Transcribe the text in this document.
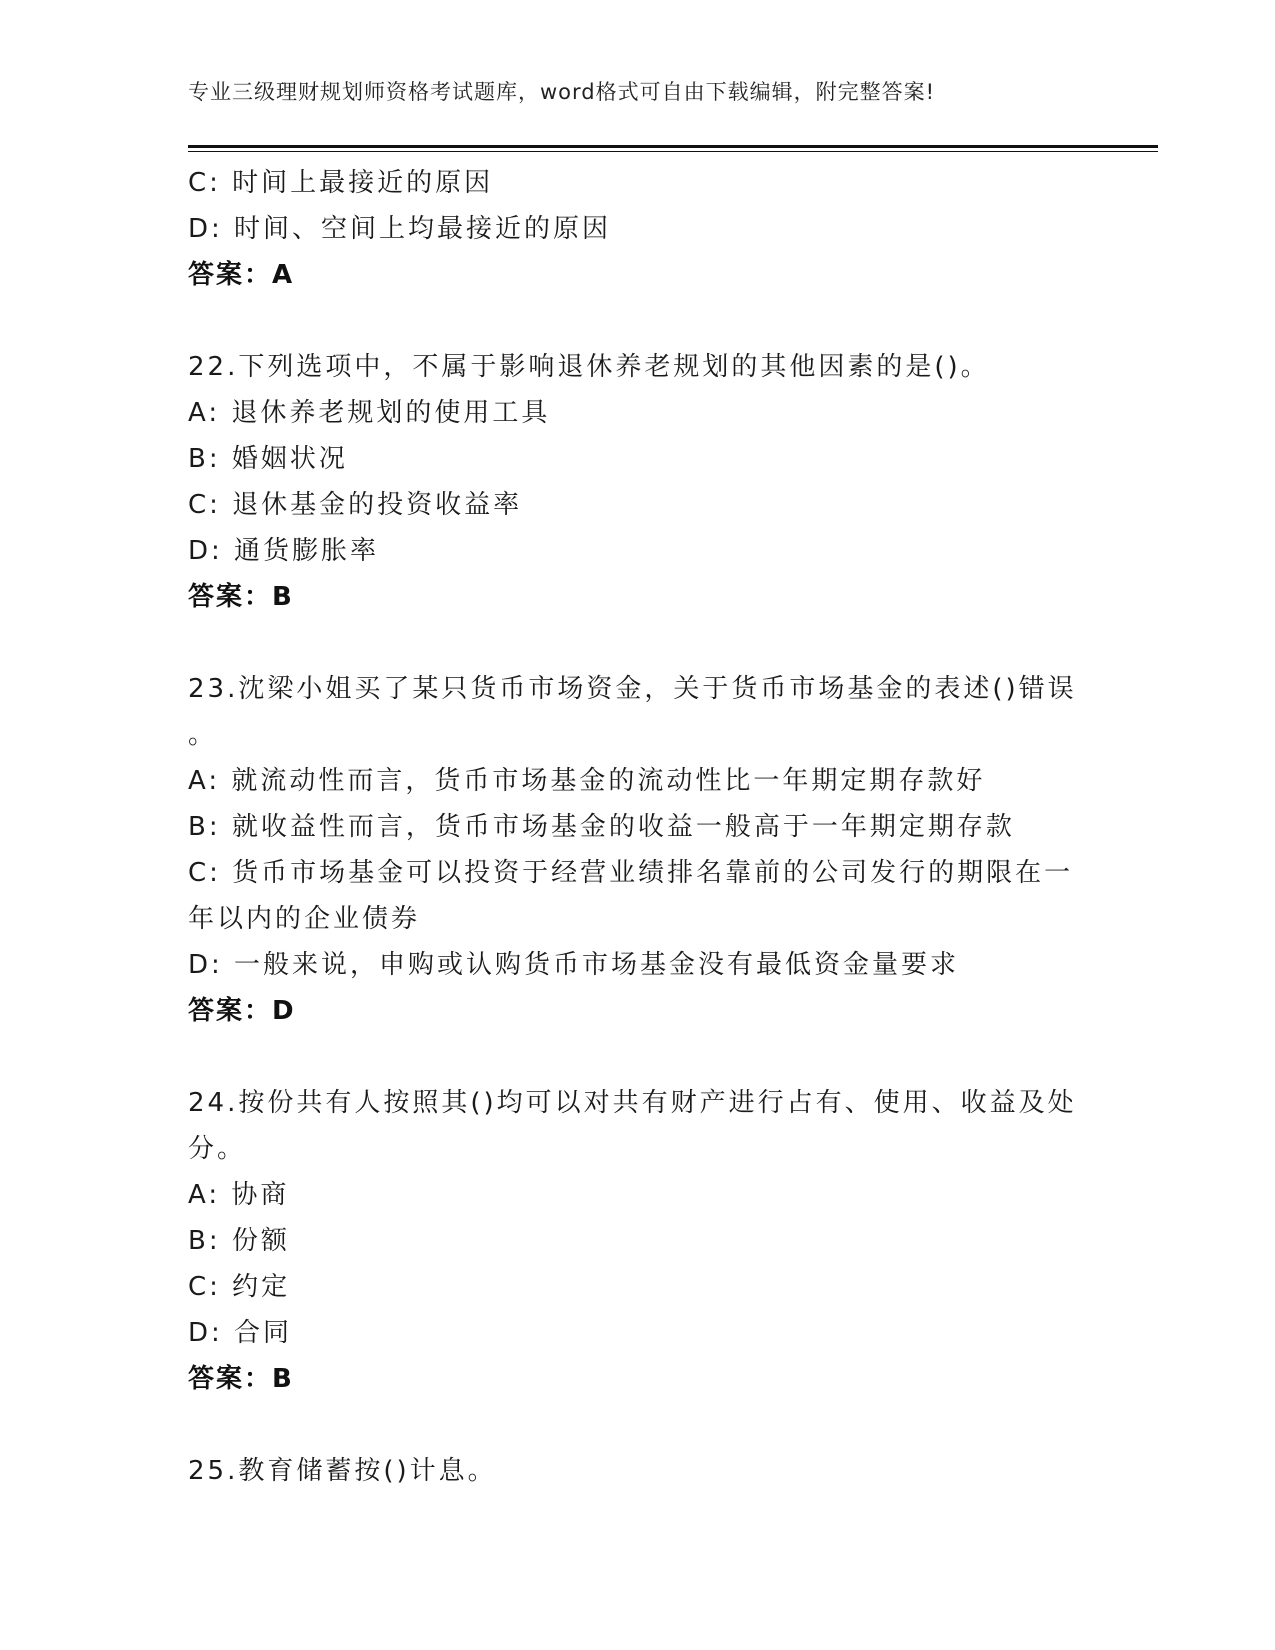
专业三级理财规划师资格考试题库，word格式可自由下载编辑，附完整答案!
C: 时间上最接近的原因
D: 时间、空间上均最接近的原因
答案：A
22.下列选项中，不属于影响退休养老规划的其他因素的是()。
A: 退休养老规划的使用工具
B: 婚姻状况
C: 退休基金的投资收益率
D: 通货膨胀率
答案：B
23.沈梁小姐买了某只货币市场资金，关于货币市场基金的表述()错误
。
A: 就流动性而言，货币市场基金的流动性比一年期定期存款好
B: 就收益性而言，货币市场基金的收益一般高于一年期定期存款
C: 货币市场基金可以投资于经营业绩排名靠前的公司发行的期限在一
年以内的企业债券
D: 一般来说，申购或认购货币市场基金没有最低资金量要求
答案：D
24.按份共有人按照其()均可以对共有财产进行占有、使用、收益及处
分。
A: 协商
B: 份额
C: 约定
D: 合同
答案：B
25.教育储蓄按()计息。
